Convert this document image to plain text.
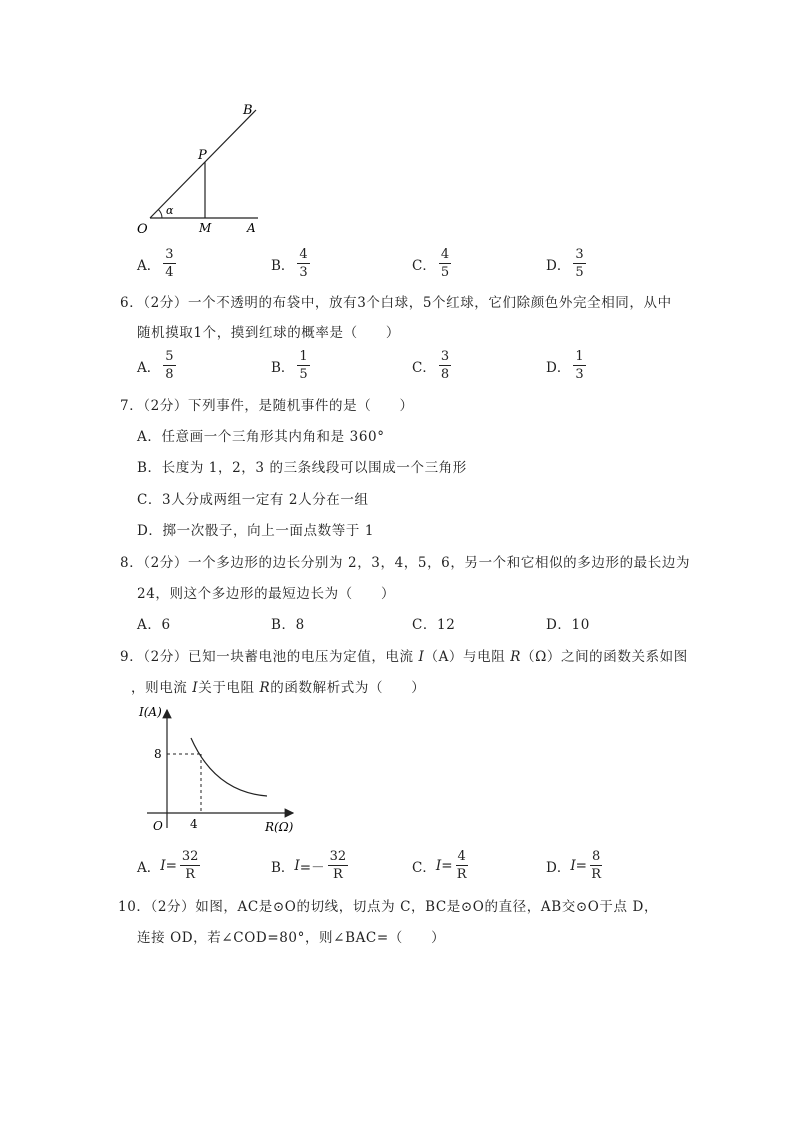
B
P
O	M	A
α
A． $\frac{3}{4}$	B． $\frac{4}{3}$	C． $\frac{4}{5}$	D． $\frac{3}{5}$
6．（2分）一个不透明的布袋中，放有3个白球，5个红球，它们除颜色外完全相同，从中
随机摸取1个，摸到红球的概率是（　　）
A． $\frac{5}{8}$	B． $\frac{1}{5}$	C． $\frac{3}{8}$	D． $\frac{1}{3}$
7．（2分）下列事件，是随机事件的是（　　）
A．任意画一个三角形其内角和是 360°
B．长度为 1，2，3 的三条线段可以围成一个三角形
C．3人分成两组一定有 2人分在一组
D．掷一次骰子，向上一面点数等于 1
8．（2分）一个多边形的边长分别为 2，3，4，5，6，另一个和它相似的多边形的最长边为
24，则这个多边形的最短边长为（　　）
A．6	B．8	C．12	D．10
9．（2分）已知一块蓄电池的电压为定值，电流 I（A）与电阻 R（Ω）之间的函数关系如图
，则电流 I关于电阻 R的函数解析式为（　　）
I(A)
R(Ω)
O
8
4
A． $I = \frac{32}{R}$	B． $I =- \frac{32}{R}$	C． $I = \frac{4}{R}$	D． $I = \frac{8}{R}$
10．（2分）如图，AC是⊙O的切线，切点为 C，BC是⊙O的直径，AB交⊙O于点 D，
连接 OD，若∠COD=80°，则∠BAC=（　　）
